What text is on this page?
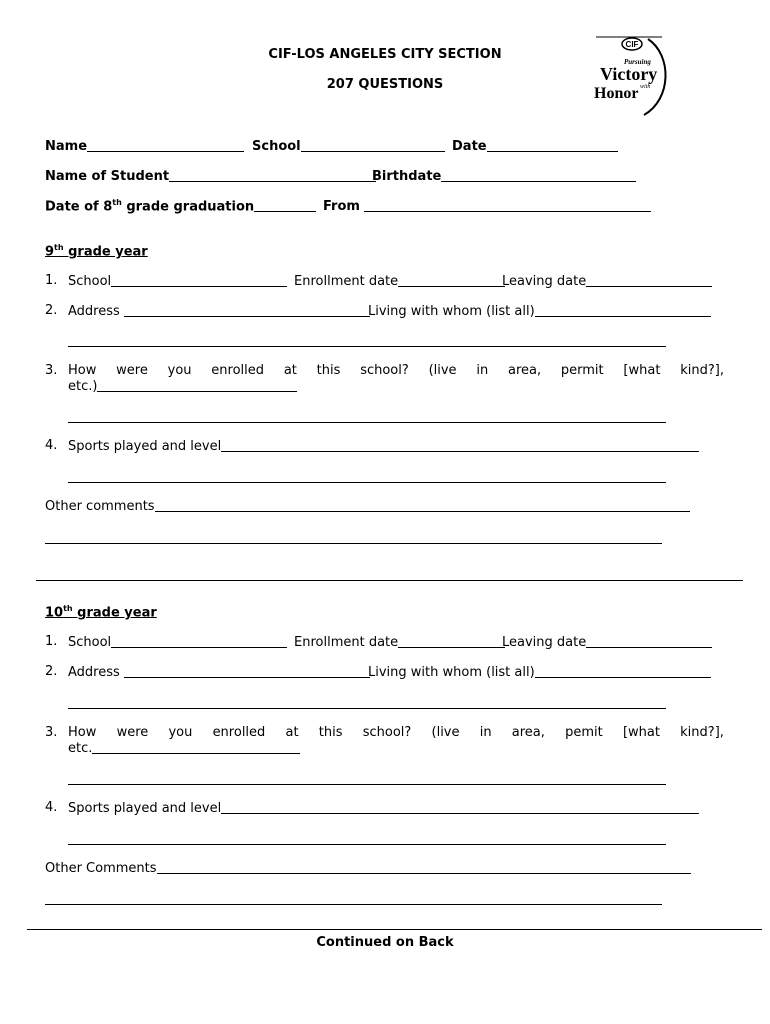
CIF-LOS ANGELES CITY SECTION
207 QUESTIONS
CIF
Pursuing
Victory
with
Honor
Name	School	Date
Name of Student	Birthdate
Date of 8th grade graduation	From
9th grade year
1. School	Enrollment date	Leaving date
2. Address	Living with whom (list all)
3. How were you enrolled at this school? (live in area, permit [what kind?],
etc.)
4. Sports played and level
Other comments
10th grade year
1. School	Enrollment date	Leaving date
2. Address	Living with whom (list all)
3. How were you enrolled at this school? (live in area, pemit [what kind?],
etc.
4. Sports played and level
Other Comments
Continued on Back
